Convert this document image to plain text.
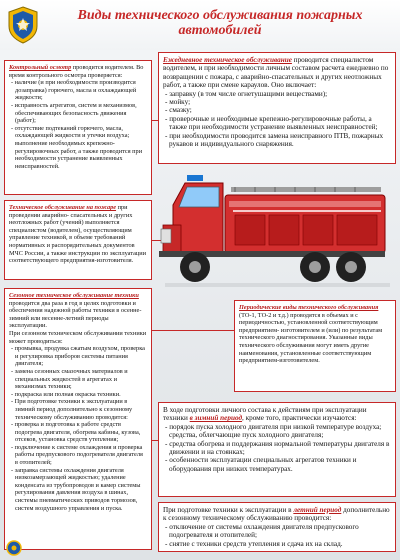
Виды технического обслуживания пожарных автомобилей

Контрольный осмотр проводится водителем. Во время контрольного осмотра проверяется:

- наличие (и при необходимости производится дозаправка) горючего, масла и охлаждающей жидкости;

- исправность агрегатов, систем и механизмов, обеспечивающих безопасность движения (работ);

- отсутствие подтеканий горючего, масла, охлаждающей жидкости и утечки воздуха; выполнение необходимых крепежно-регулировочных работ, а также проводится при необходимости устранение выявленных неисправностей.

Ежедневное техническое обслуживание проводится специалистом водителем, и при необходимости личным составом расчета ежедневно по возвращении с пожара, с аварийно-спасательных и других неотложных работ, а также при смене караулов. Оно включает:

- заправку (в том числе огнетушащими веществами);

- мойку;

- смазку;

- проверочные и необходимые крепежно-регулировочные работы, а также при необходимости устранение выявленных неисправностей;

- при необходимости проводится замена неисправного ПТВ, пожарных рукавов и индивидуального снаряжения.

Техническое обслуживание на пожаре при проведении аварийно- спасательных и других неотложных работ (учений) выполняется специалистом (водителем), осуществляющим управление техникой, в объеме требований нормативных и распорядительных документов МЧС России, а также инструкции по эксплуатации соответствующего предприятия-изготовителя.

Сезонное техническое обслуживание техники проводится два раза в год в целях подготовки и обеспечения надежной работы техники в осенне-зимний или весенне-летний периоды эксплуатации.

При сезонном техническом обслуживании техники может проводиться:

- промывка, продувка сжатым воздухом, проверка и регулировка приборов системы питания двигателя;

- замена сезонных смазочных материалов и специальных жидкостей в агрегатах и механизмах техники;

- подкраска или полная окраска техники.

- При подготовке техники к эксплуатации в зимний период дополнительно к сезонному техническому обслуживанию проводится:

- проверка и подготовка к работе средств подогрева двигателя, обогрева кабины, кузова, отсеков, установка средств утепления;

- подключение к системе охлаждения и проверка работы предпускового подогревателя двигателя в отопителей;

- заправка системы охлаждения двигателя низкозамерзающей жидкостью; удаление конденсата из трубопроводов и камер системы регулирования давления воздуха в шинах, системы пневматических приводов тормозов, систем воздушного управления и пуска.

Периодические виды технического обслуживания (ТО-1, ТО-2 и т.д.) проводятся в объемах и с периодичностью, установленной соответствующим предприятием- изготовителем и (или) по результатам технического диагностирования. Указанные виды технического обслуживания могут иметь другие наименования, установленные соответствующим предприятием-изготовителем.

В ходе подготовки личного состава к действиям при эксплуатации техники в зимний период, кроме того, практически изучаются:

- порядок пуска холодного двигателя при низкой температуре воздуха; средства, облегчающие пуск холодного двигателя;

- средства обогрева и поддержания нормальной температуры двигателя в движении и на стоянках;

- особенности эксплуатации специальных агрегатов техники и оборудования при низких температурах.

При подготовке техники к эксплуатации в летний период дополнительно к сезонному техническому обслуживанию проводится:

- отключение от системы охлаждения двигателя предпускового подогревателя и отопителей;

- снятие с техники средств утепления и сдача их на склад.
